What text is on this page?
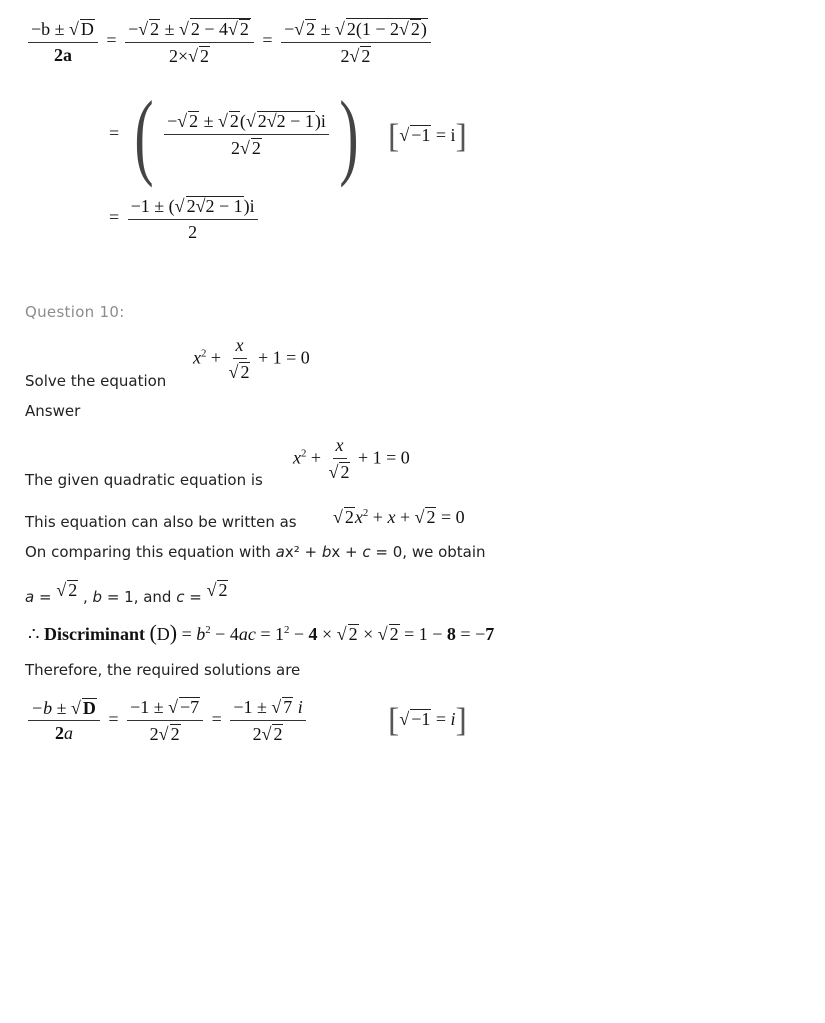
$\frac{-b \pm √ D}{2a} = \frac{-√ 2 \pm √ 2 - 4√ 2}{2\times√ 2} = \frac{-√ 2 \pm √ 2(1 - 2√ 2)}{2√ 2}$
= ( $\frac{-√ 2 \pm √ 2(√ 2√2 - 1)i}{2√ 2}$ ) [√ −1 = i]
= $\frac{-1 \pm (√ 2√2 - 1)i}{2}$
Question 10:
$x^2 + \frac{x}{√ 2} + 1 = 0$
Solve the equation
Answer
$x^2 + \frac{x}{√ 2} + 1 = 0$
The given quadratic equation is
This equation can also be written as √ $2x^2 + x$ + √ 2 = 0
On comparing this equation with ax² + bx + c = 0, we obtain
a = √ 2 , b = 1, and c = √ 2
∴ Discriminant $(D) = b^2 - 4ac = 1^2 - 4$ × √ 2 × √ 2 = 1 − 8 = −7
Therefore, the required solutions are
$\frac{-b \pm √ D}{2a} = \frac{-1 \pm √ -7}{2√ 2} = \frac{-1 \pm √ 7 i}{2√ 2}$ [√ −1 = i]
